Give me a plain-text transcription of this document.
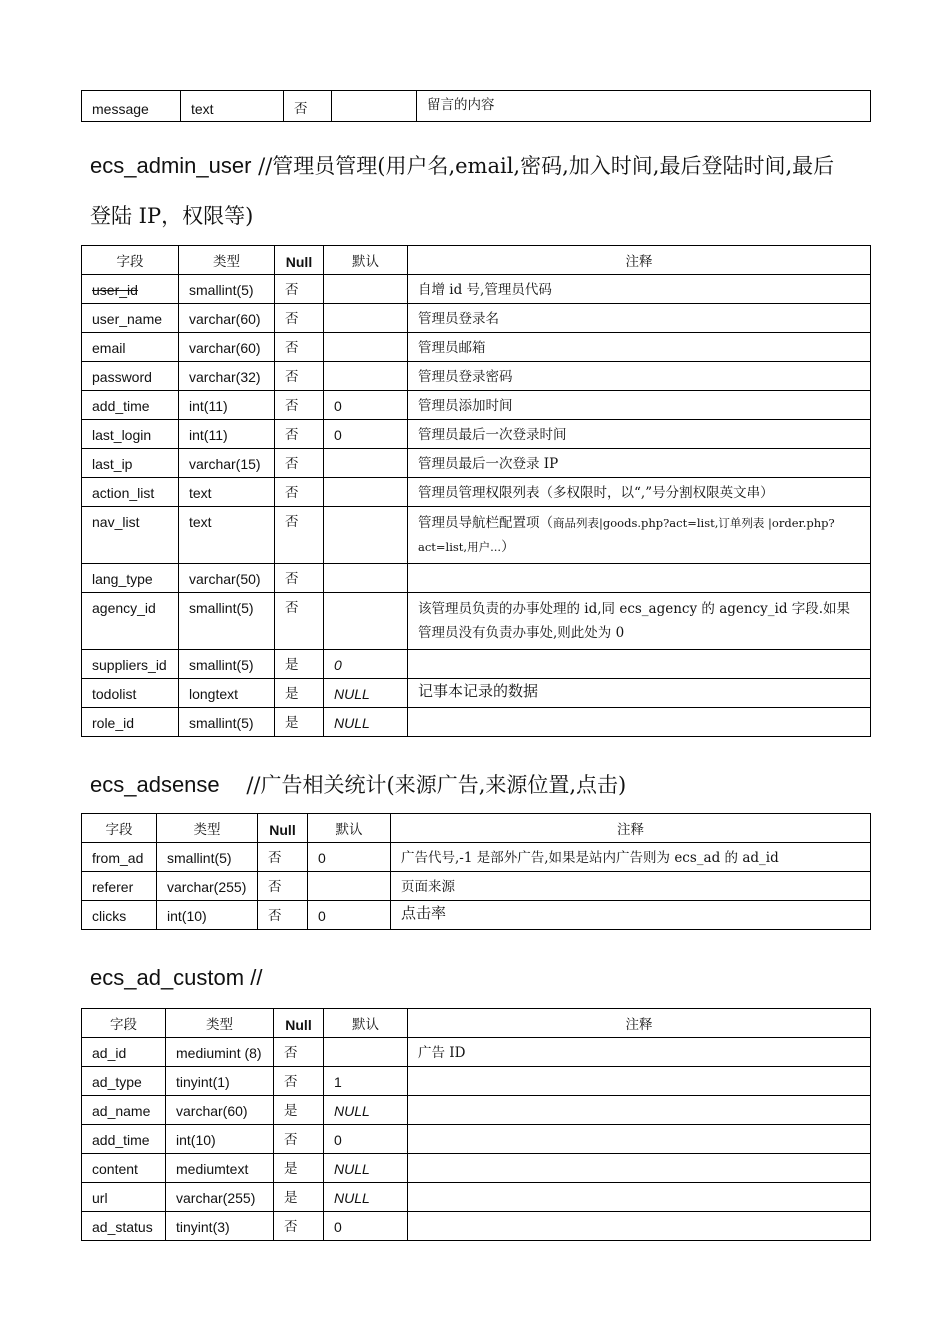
message	text	否		留言的内容
ecs_admin_user //管理员管理(用户名,email,密码,加入时间,最后登陆时间,最后
登陆 IP，权限等)
字段	类型	Null	默认	注释
user_id	smallint(5)	否		自增 id 号,管理员代码
user_name	varchar(60)	否		管理员登录名
email	varchar(60)	否		管理员邮箱
password	varchar(32)	否		管理员登录密码
add_time	int(11)	否	0	管理员添加时间
last_login	int(11)	否	0	管理员最后一次登录时间
last_ip	varchar(15)	否		管理员最后一次登录 IP
action_list	text	否		管理员管理权限列表（多权限时，以“,”号分割权限英文串）
nav_list	text	否		管理员导航栏配置项（商品列表|goods.php?act=list,订单列表 |order.php?act=list,用户...）
lang_type	varchar(50)	否		
agency_id	smallint(5)	否		该管理员负责的办事处理的 id,同 ecs_agency 的 agency_id 字段.如果管理员没有负责办事处,则此处为 0
suppliers_id	smallint(5)	是	0	
todolist	longtext	是	NULL	记事本记录的数据
role_id	smallint(5)	是	NULL	
ecs_adsense    //广告相关统计(来源广告,来源位置,点击)
字段	类型	Null	默认	注释
from_ad	smallint(5)	否	0	广告代号,-1 是部外广告,如果是站内广告则为 ecs_ad 的 ad_id
referer	varchar(255)	否		页面来源
clicks	int(10)	否	0	点击率
ecs_ad_custom //
字段	类型	Null	默认	注释
ad_id	mediumint (8)	否		广告 ID
ad_type	tinyint(1)	否	1	
ad_name	varchar(60)	是	NULL	
add_time	int(10)	否	0	
content	mediumtext	是	NULL	
url	varchar(255)	是	NULL	
ad_status	tinyint(3)	否	0	
